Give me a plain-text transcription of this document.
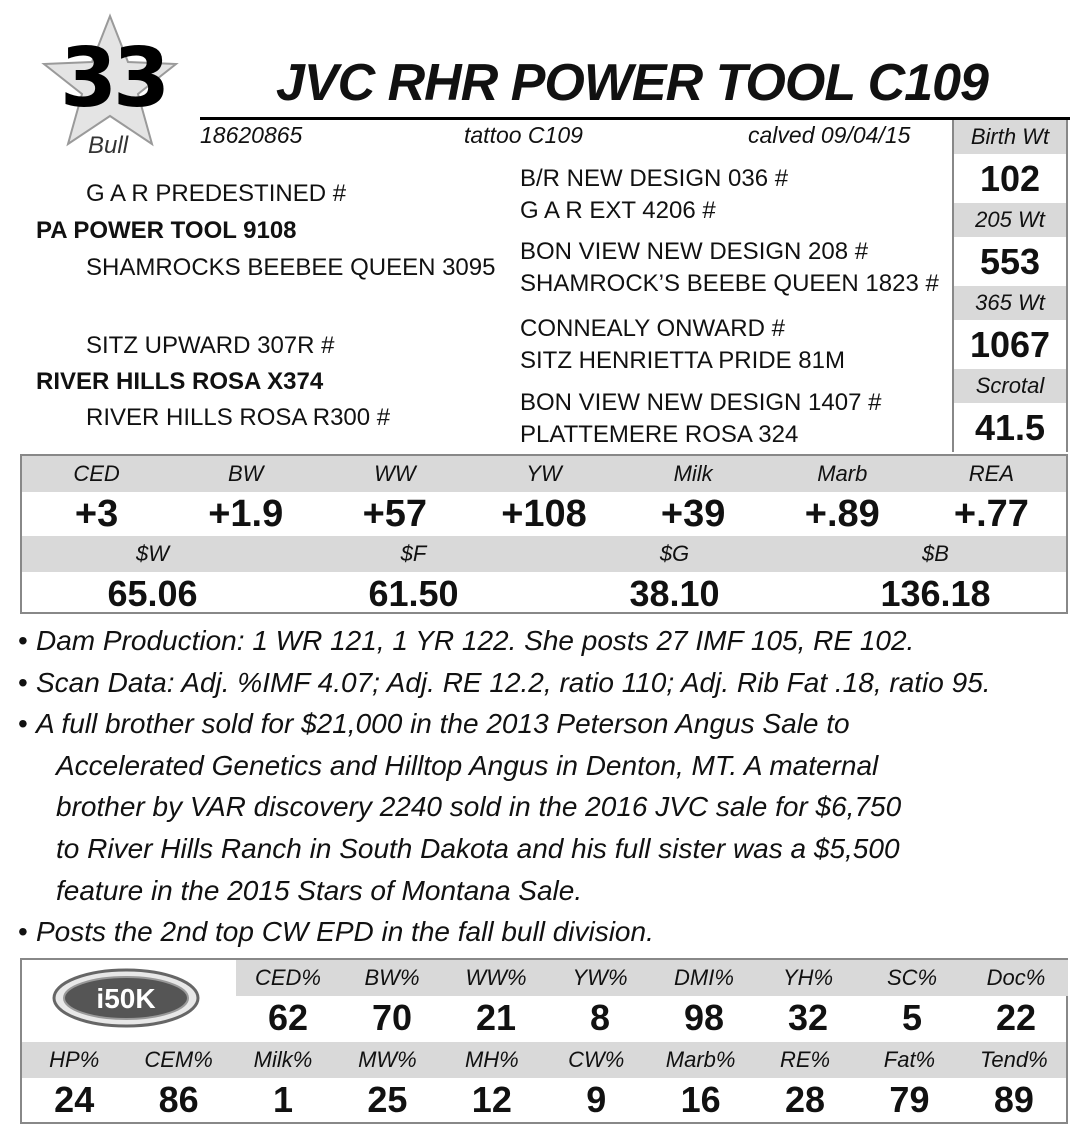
33
Bull
JVC RHR POWER TOOL C109
18620865	tattoo C109	calved 09/04/15
G A R PREDESTINED #
PA POWER TOOL 9108
SHAMROCKS BEEBEE QUEEN 3095
SITZ UPWARD 307R #
RIVER HILLS ROSA X374
RIVER HILLS ROSA R300 #
B/R NEW DESIGN 036 #
G A R EXT 4206 #
BON VIEW NEW DESIGN 208 #
SHAMROCK’S BEEBE QUEEN 1823 #
CONNEALY ONWARD #
SITZ HENRIETTA PRIDE 81M
BON VIEW NEW DESIGN 1407 #
PLATTEMERE ROSA 324
Birth Wt
102
205 Wt
553
365 Wt
1067
Scrotal
41.5
CED	BW	WW	YW	Milk	Marb	REA
+3	+1.9	+57	+108	+39	+.89	+.77
$W	$F	$G	$B
65.06	61.50	38.10	136.18
• Dam Production: 1 WR 121, 1 YR 122. She posts 27 IMF 105, RE 102.
• Scan Data: Adj. %IMF 4.07; Adj. RE 12.2, ratio 110; Adj. Rib Fat .18, ratio 95.
• A full brother sold for $21,000 in the 2013 Peterson Angus Sale to
Accelerated Genetics and Hilltop Angus in Denton, MT. A maternal
brother by VAR discovery 2240 sold in the 2016 JVC sale for $6,750
to River Hills Ranch in South Dakota and his full sister was a $5,500
feature in the 2015 Stars of Montana Sale.
• Posts the 2nd top CW EPD in the fall bull division.
i50K
CED%	BW%	WW%	YW%	DMI%	YH%	SC%	Doc%
62	70	21	8	98	32	5	22
HP%	CEM%	Milk%	MW%	MH%	CW%	Marb%	RE%	Fat%	Tend%
24	86	1	25	12	9	16	28	79	89
